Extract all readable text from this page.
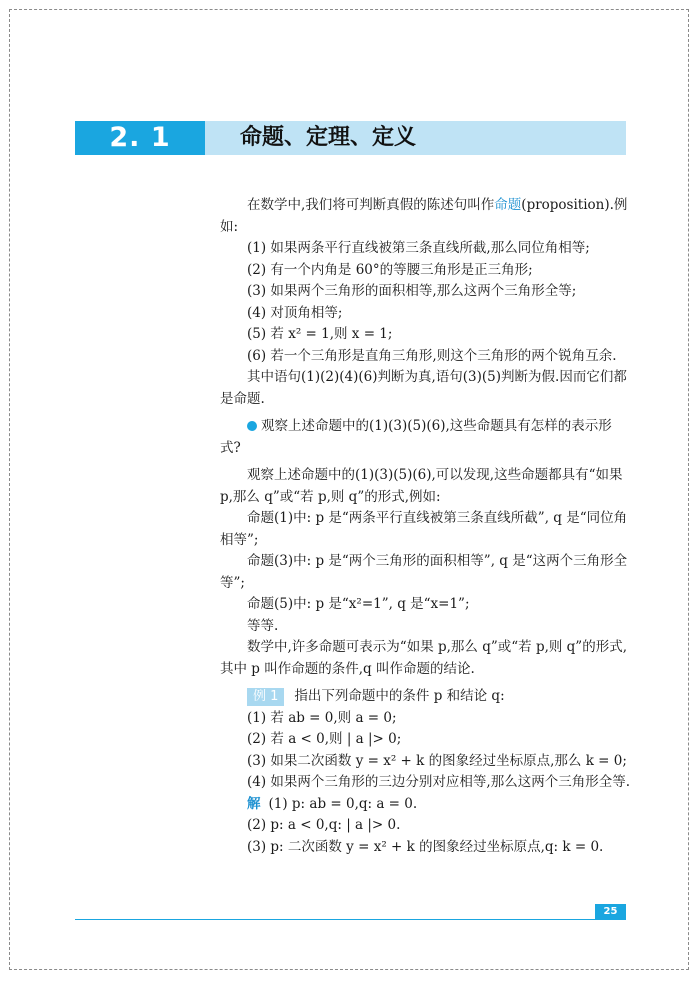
2. 1	命题、定理、定义

在数学中,我们将可判断真假的陈述句叫作命题(proposition).例如:

(1) 如果两条平行直线被第三条直线所截,那么同位角相等;

(2) 有一个内角是 60°的等腰三角形是正三角形;

(3) 如果两个三角形的面积相等,那么这两个三角形全等;

(4) 对顶角相等;

(5) 若 x² = 1,则 x = 1;

(6) 若一个三角形是直角三角形,则这个三角形的两个锐角互余.

其中语句(1)(2)(4)(6)判断为真,语句(3)(5)判断为假.因而它们都是命题.

观察上述命题中的(1)(3)(5)(6),这些命题具有怎样的表示形式?

观察上述命题中的(1)(3)(5)(6),可以发现,这些命题都具有“如果 p,那么 q”或“若 p,则 q”的形式,例如:

命题(1)中: p 是“两条平行直线被第三条直线所截”, q 是“同位角相等”;

命题(3)中: p 是“两个三角形的面积相等”, q 是“这两个三角形全等”;

命题(5)中: p 是“x²=1”, q 是“x=1”;

等等.

数学中,许多命题可表示为“如果 p,那么 q”或“若 p,则 q”的形式,其中 p 叫作命题的条件,q 叫作命题的结论.

例 1 指出下列命题中的条件 p 和结论 q:

(1) 若 ab = 0,则 a = 0;

(2) 若 a < 0,则 | a |> 0;

(3) 如果二次函数 y = x² + k 的图象经过坐标原点,那么 k = 0;

(4) 如果两个三角形的三边分别对应相等,那么这两个三角形全等.

解 (1) p: ab = 0,q: a = 0.

(2) p: a < 0,q: | a |> 0.

(3) p: 二次函数 y = x² + k 的图象经过坐标原点,q: k = 0.

25
